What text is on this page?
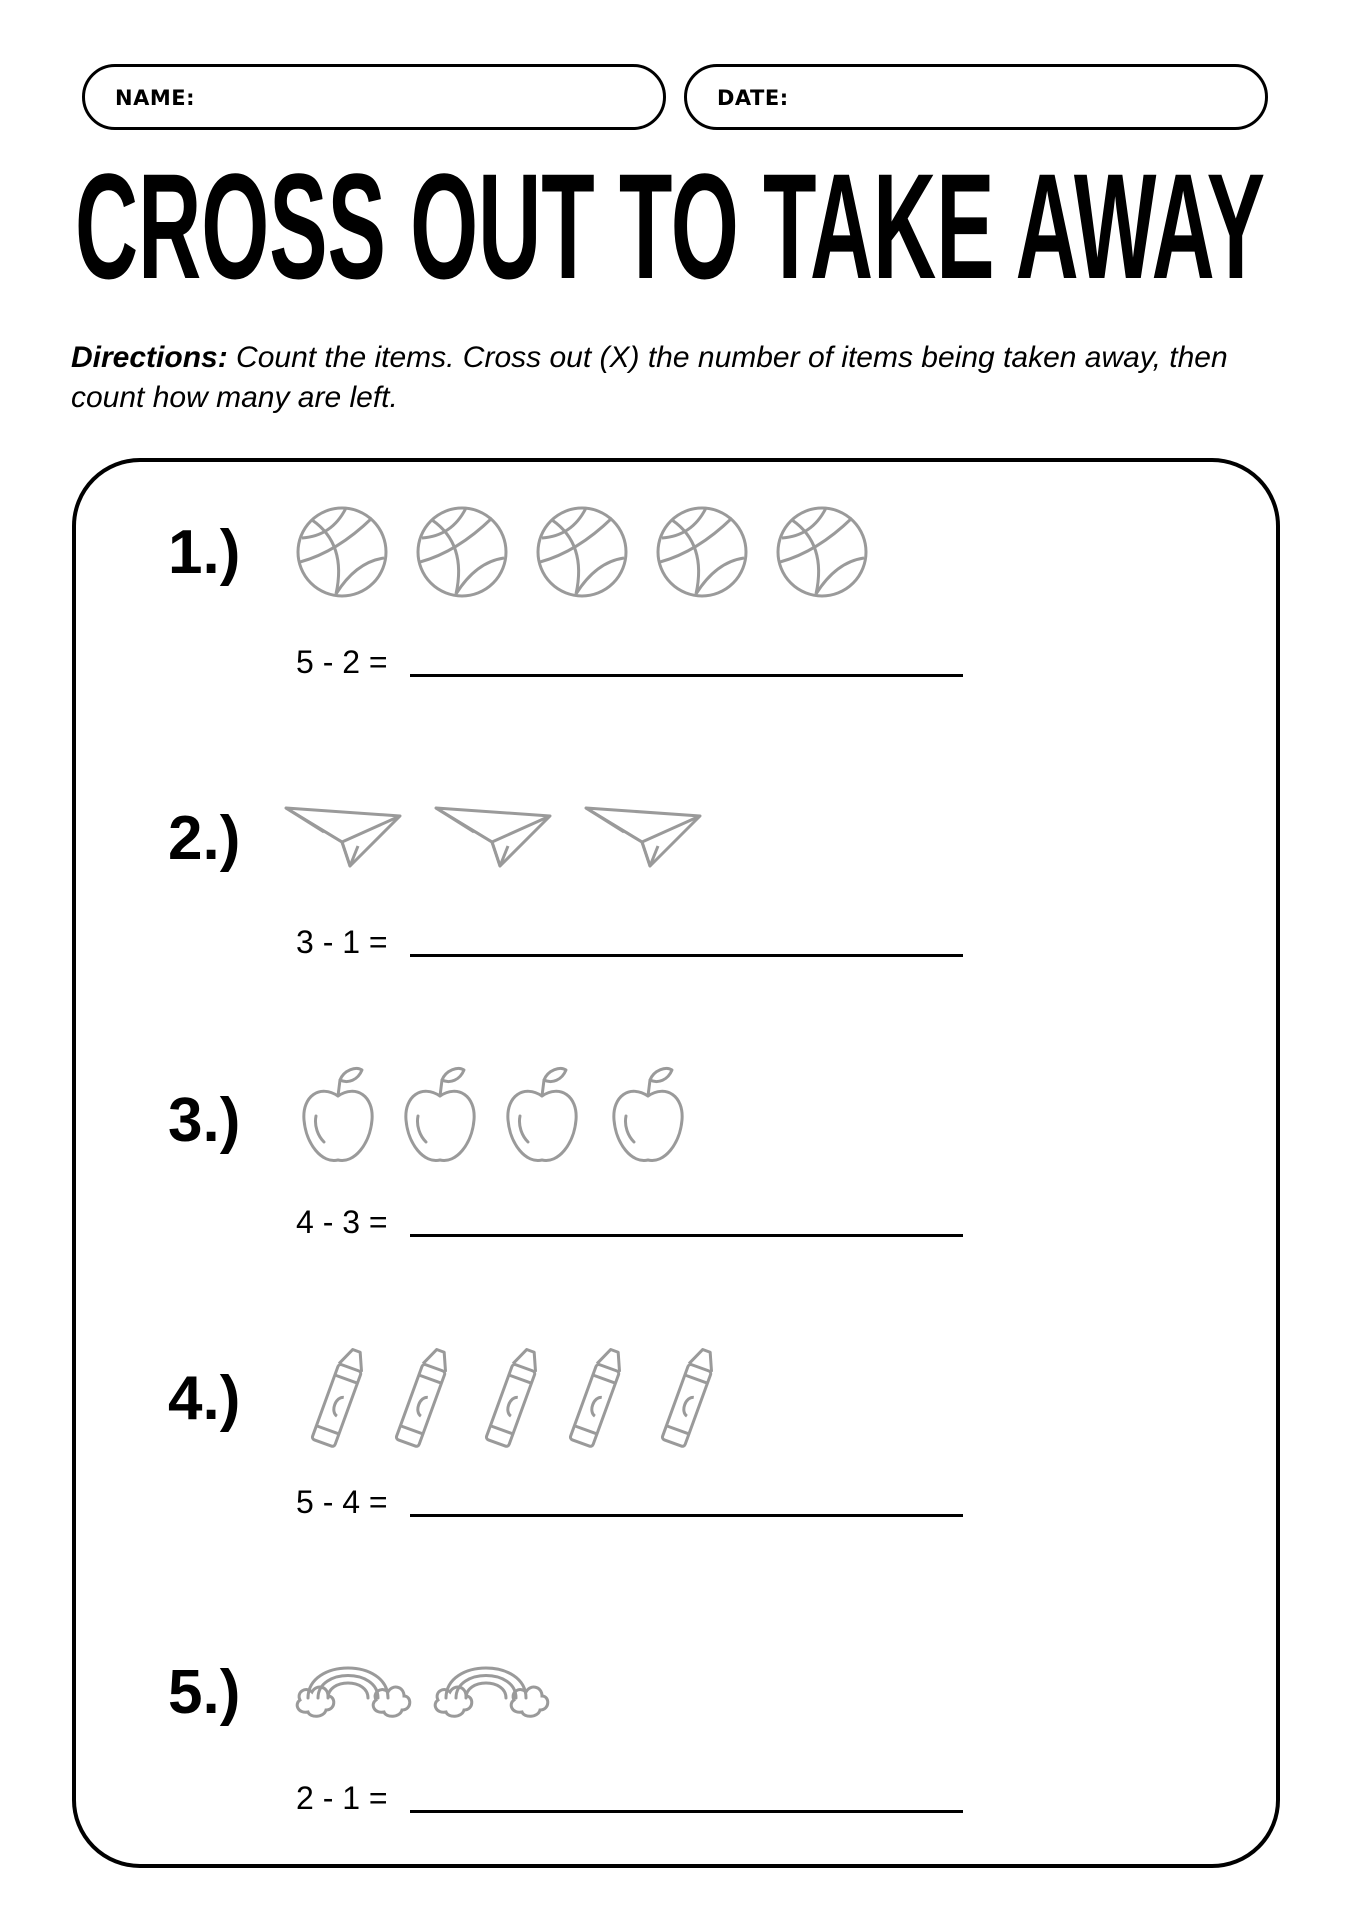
NAME:	DATE:
CROSS OUT TO TAKE AWAY
Directions: Count the items. Cross out (X) the number of items being taken away, then count how many are left.
1.)
5 - 2 =
2.)
3 - 1 =
3.)
4 - 3 =
4.)
5 - 4 =
5.)
2 - 1 =
